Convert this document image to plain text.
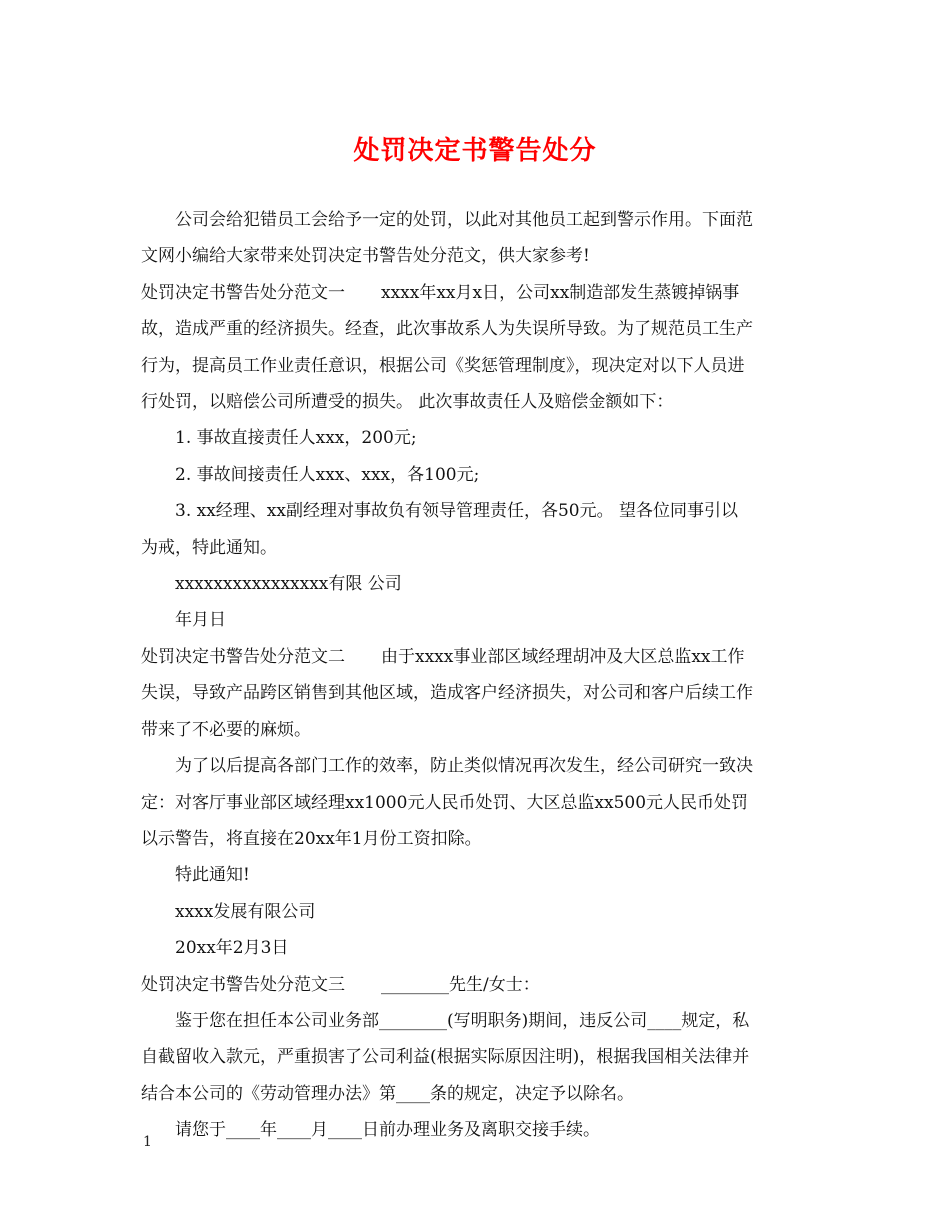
处罚决定书警告处分

公司会给犯错员工会给予一定的处罚，以此对其他员工起到警示作用。下面范

文网小编给大家带来处罚决定书警告处分范文，供大家参考!

处罚决定书警告处分范文一 xxxx年xx月x日，公司xx制造部发生蒸镀掉锅事

故，造成严重的经济损失。经查，此次事故系人为失误所导致。为了规范员工生产

行为，提高员工作业责任意识，根据公司《奖惩管理制度》，现决定对以下人员进

行处罚，以赔偿公司所遭受的损失。 此次事故责任人及赔偿金额如下：

1. 事故直接责任人xxx，200元;

2. 事故间接责任人xxx、xxx，各100元;

3. xx经理、xx副经理对事故负有领导管理责任，各50元。 望各位同事引以

为戒，特此通知。

xxxxxxxxxxxxxxxx有限 公司

年月日

处罚决定书警告处分范文二 由于xxxx事业部区域经理胡冲及大区总监xx工作

失误，导致产品跨区销售到其他区域，造成客户经济损失，对公司和客户后续工作

带来了不必要的麻烦。

为了以后提高各部门工作的效率，防止类似情况再次发生，经公司研究一致决

定：对客厅事业部区域经理xx1000元人民币处罚、大区总监xx500元人民币处罚

以示警告，将直接在20xx年1月份工资扣除。

特此通知!

xxxx发展有限公司

20xx年2月3日

处罚决定书警告处分范文三 ________先生/女士：

鉴于您在担任本公司业务部________(写明职务)期间，违反公司____规定，私

自截留收入款元，严重损害了公司利益(根据实际原因注明)，根据我国相关法律并

结合本公司的《劳动管理办法》第____条的规定，决定予以除名。

请您于____年____月____日前办理业务及离职交接手续。

1
